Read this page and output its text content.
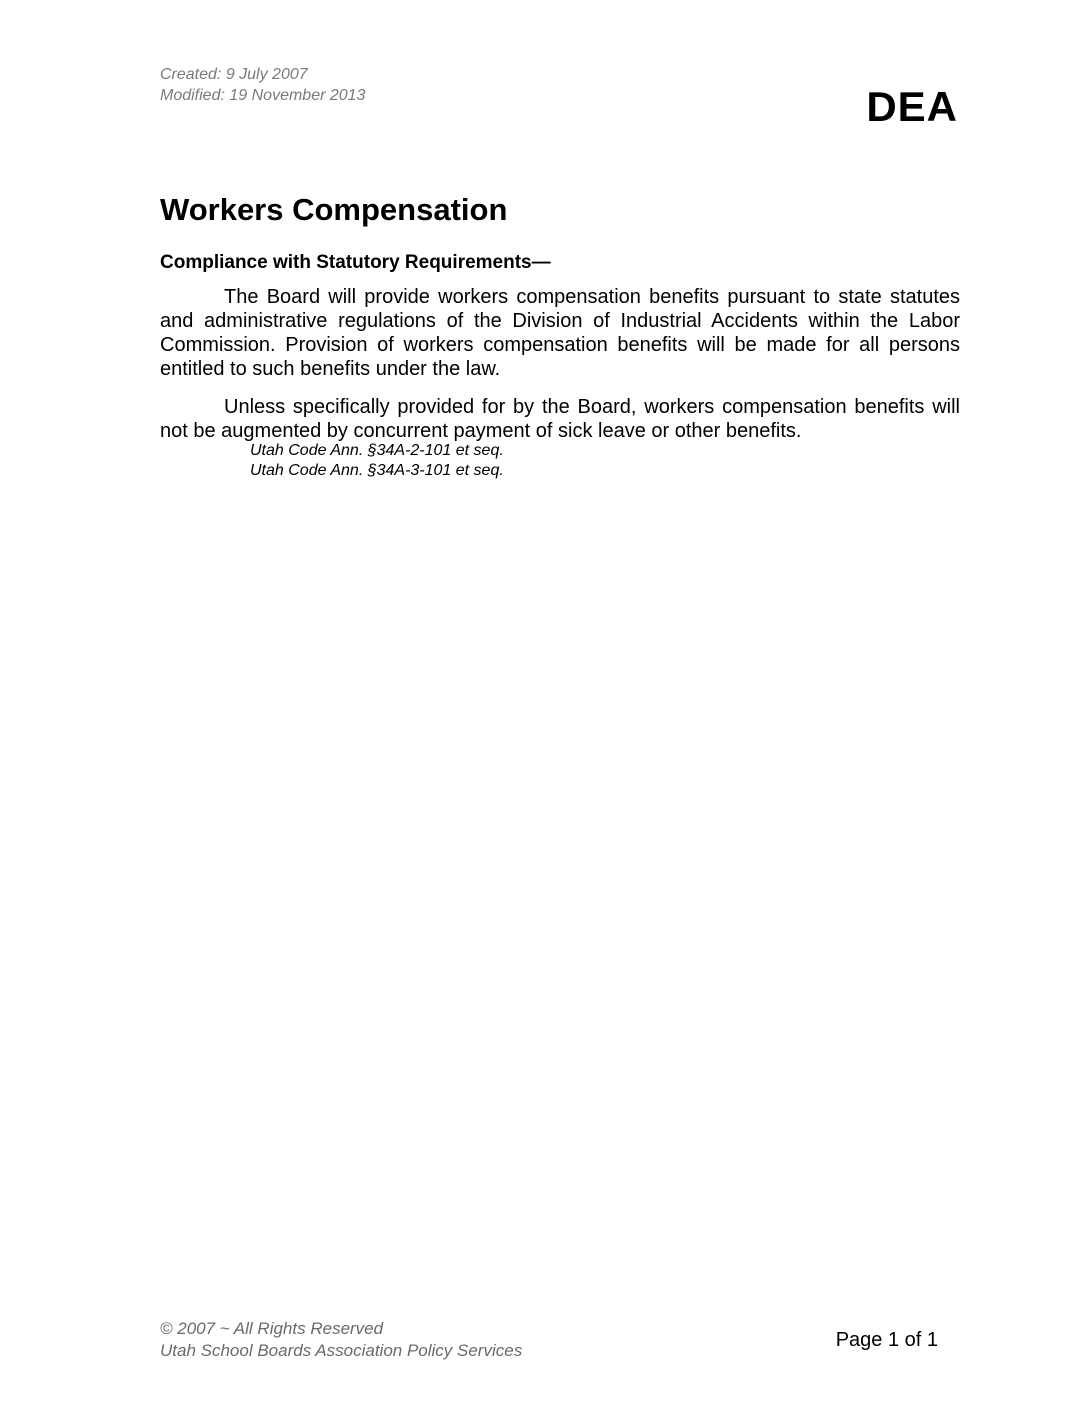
Created: 9 July 2007
Modified: 19 November 2013	DEA
Workers Compensation
Compliance with Statutory Requirements—

The Board will provide workers compensation benefits pursuant to state statutes and administrative regulations of the Division of Industrial Accidents within the Labor Commission. Provision of workers compensation benefits will be made for all persons entitled to such benefits under the law.

Unless specifically provided for by the Board, workers compensation benefits will not be augmented by concurrent payment of sick leave or other benefits.

Utah Code Ann. §34A-2-101 et seq.
Utah Code Ann. §34A-3-101 et seq.
© 2007 ~ All Rights Reserved
Utah School Boards Association Policy Services	Page 1 of 1
